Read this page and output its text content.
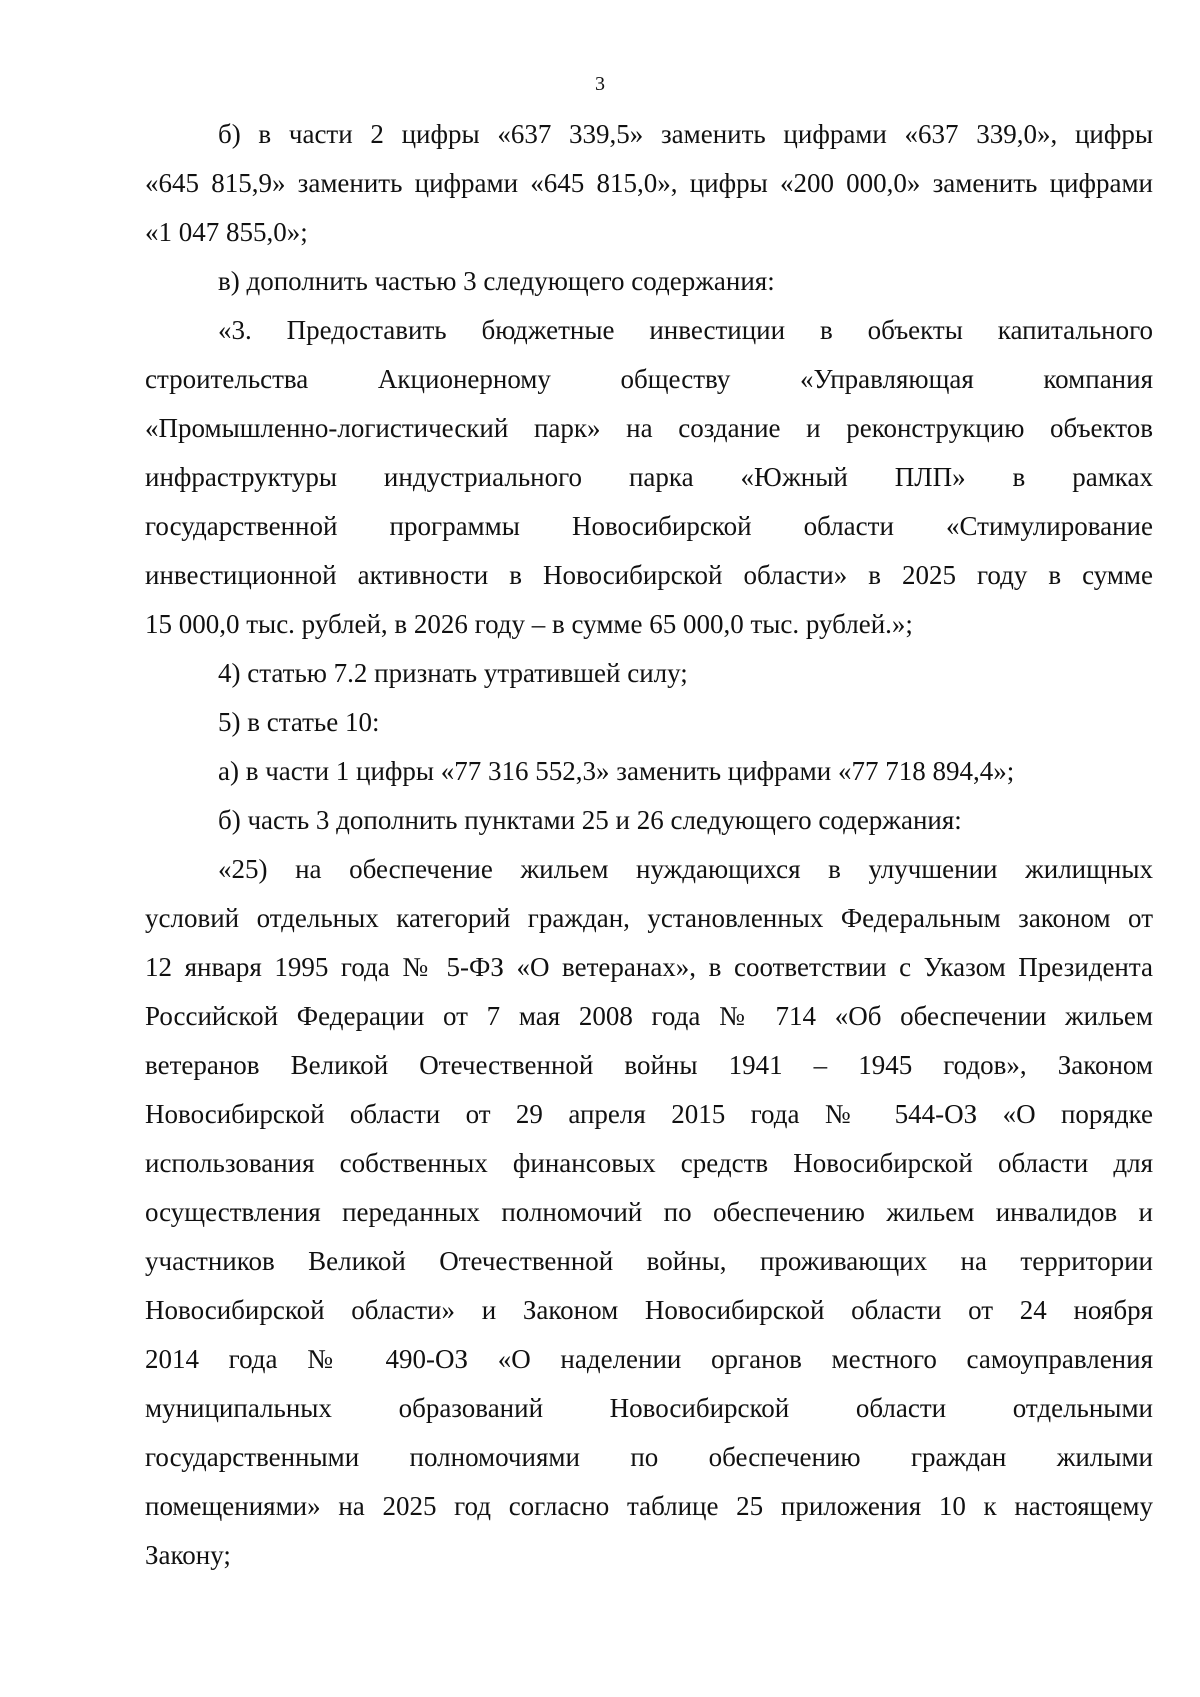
3
б) в части 2 цифры «637 339,5» заменить цифрами «637 339,0», цифры
«645 815,9» заменить цифрами «645 815,0», цифры «200 000,0» заменить цифрами
«1 047 855,0»;
в) дополнить частью 3 следующего содержания:
«3. Предоставить бюджетные инвестиции в объекты капитального
строительства Акционерному обществу «Управляющая компания
«Промышленно-логистический парк» на создание и реконструкцию объектов
инфраструктуры индустриального парка «Южный ПЛП» в рамках
государственной программы Новосибирской области «Стимулирование
инвестиционной активности в Новосибирской области» в 2025 году в сумме
15 000,0 тыс. рублей, в 2026 году – в сумме 65 000,0 тыс. рублей.»;
4) статью 7.2 признать утратившей силу;
5) в статье 10:
а) в части 1 цифры «77 316 552,3» заменить цифрами «77 718 894,4»;
б) часть 3 дополнить пунктами 25 и 26 следующего содержания:
«25) на обеспечение жильем нуждающихся в улучшении жилищных
условий отдельных категорий граждан, установленных Федеральным законом от
12 января 1995 года № 5-ФЗ «О ветеранах», в соответствии с Указом Президента
Российской Федерации от 7 мая 2008 года № 714 «Об обеспечении жильем
ветеранов Великой Отечественной войны 1941 – 1945 годов», Законом
Новосибирской области от 29 апреля 2015 года № 544-ОЗ «О порядке
использования собственных финансовых средств Новосибирской области для
осуществления переданных полномочий по обеспечению жильем инвалидов и
участников Великой Отечественной войны, проживающих на территории
Новосибирской области» и Законом Новосибирской области от 24 ноября
2014 года № 490-ОЗ «О наделении органов местного самоуправления
муниципальных образований Новосибирской области отдельными
государственными полномочиями по обеспечению граждан жилыми
помещениями» на 2025 год согласно таблице 25 приложения 10 к настоящему
Закону;
